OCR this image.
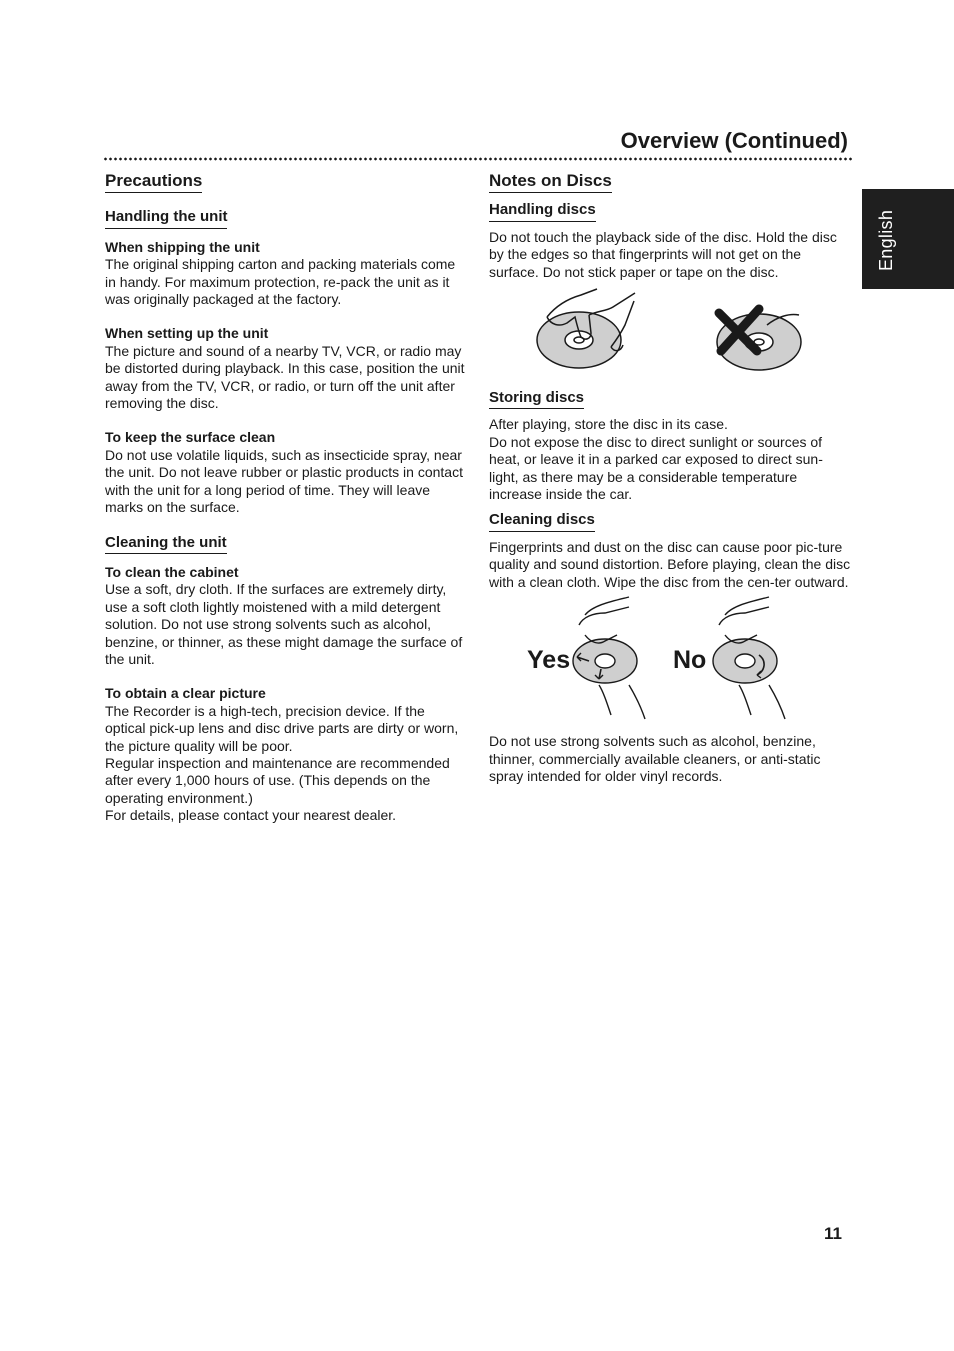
Overview (Continued)
English
Precautions
Handling the unit
When shipping the unit

The original shipping carton and packing materials come in handy. For maximum protection, re-pack the unit as it was originally packaged at the factory.

When setting up the unit

The picture and sound of a nearby TV, VCR, or radio may be distorted during playback. In this case, position the unit away from the TV, VCR, or radio, or turn off the unit after removing the disc.

To keep the surface clean

Do not use volatile liquids, such as insecticide spray, near the unit. Do not leave rubber or plastic products in contact with the unit for a long period of time. They will leave marks on the surface.

Cleaning the unit
To clean the cabinet

Use a soft, dry cloth. If the surfaces are extremely dirty, use a soft cloth lightly moistened with a mild detergent solution. Do not use strong solvents such as alcohol, benzine, or thinner, as these might damage the surface of the unit.

To obtain a clear picture

The Recorder is a high-tech, precision device. If the optical pick-up lens and disc drive parts are dirty or worn, the picture quality will be poor.

Regular inspection and maintenance are recommended after every 1,000 hours of use. (This depends on the operating environment.)

For details, please contact your nearest dealer.

Notes on Discs
Handling discs

Do not touch the playback side of the disc. Hold the disc by the edges so that fingerprints will not get on the surface. Do not stick paper or tape on the disc.

Storing discs

After playing, store the disc in its case.

Do not expose the disc to direct sunlight or sources of heat, or leave it in a parked car exposed to direct sun-light, as there may be a considerable temperature increase inside the car.

Cleaning discs

Fingerprints and dust on the disc can cause poor pic-ture quality and sound distortion. Before playing, clean the disc with a clean cloth. Wipe the disc from the cen-ter outward.

Yes	No

Do not use strong solvents such as alcohol, benzine, thinner, commercially available cleaners, or anti-static spray intended for older vinyl records.

11
